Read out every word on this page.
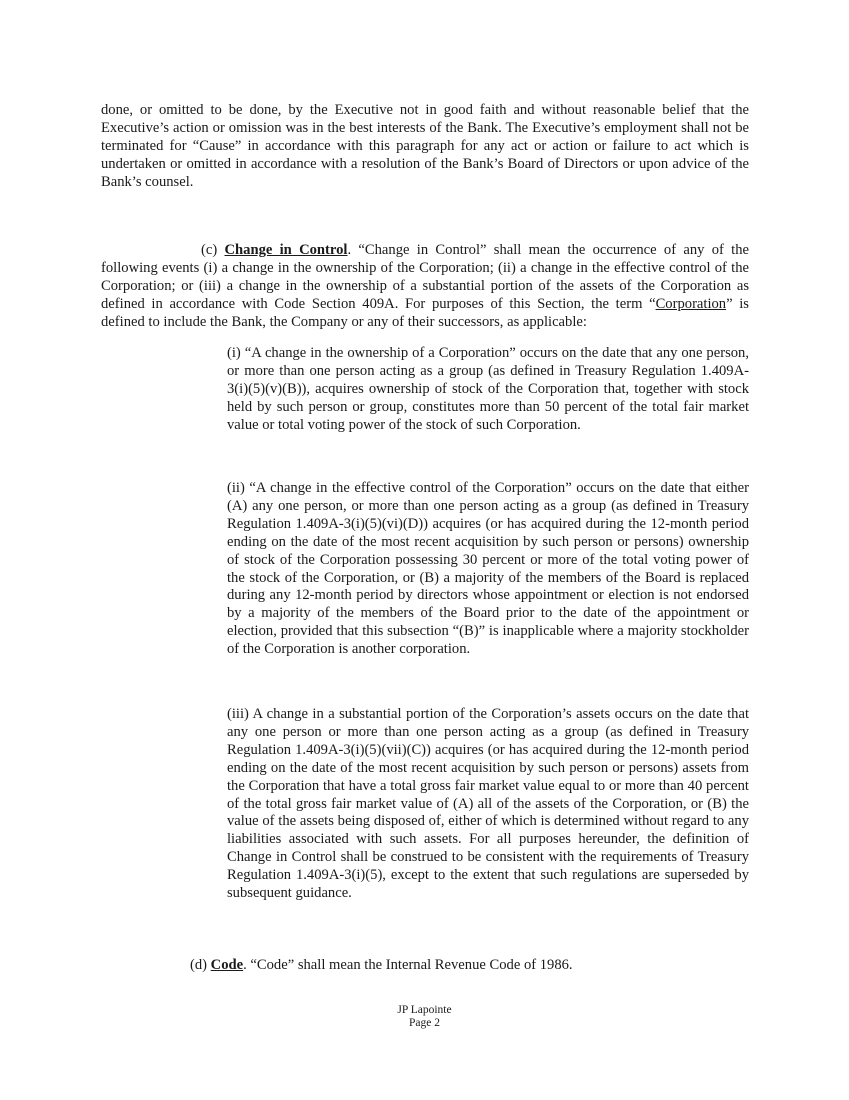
done, or omitted to be done, by the Executive not in good faith and without reasonable belief that the Executive’s action or omission was in the best interests of the Bank. The Executive’s employment shall not be terminated for “Cause” in accordance with this paragraph for any act or action or failure to act which is undertaken or omitted in accordance with a resolution of the Bank’s Board of Directors or upon advice of the Bank’s counsel.

(c) Change in Control. “Change in Control” shall mean the occurrence of any of the following events (i) a change in the ownership of the Corporation; (ii) a change in the effective control of the Corporation; or (iii) a change in the ownership of a substantial portion of the assets of the Corporation as defined in accordance with Code Section 409A. For purposes of this Section, the term “Corporation” is defined to include the Bank, the Company or any of their successors, as applicable:

(i) “A change in the ownership of a Corporation” occurs on the date that any one person, or more than one person acting as a group (as defined in Treasury Regulation 1.409A-3(i)(5)(v)(B)), acquires ownership of stock of the Corporation that, together with stock held by such person or group, constitutes more than 50 percent of the total fair market value or total voting power of the stock of such Corporation.

(ii) “A change in the effective control of the Corporation” occurs on the date that either (A) any one person, or more than one person acting as a group (as defined in Treasury Regulation 1.409A-3(i)(5)(vi)(D)) acquires (or has acquired during the 12-month period ending on the date of the most recent acquisition by such person or persons) ownership of stock of the Corporation possessing 30 percent or more of the total voting power of the stock of the Corporation, or (B) a majority of the members of the Board is replaced during any 12-month period by directors whose appointment or election is not endorsed by a majority of the members of the Board prior to the date of the appointment or election, provided that this subsection “(B)” is inapplicable where a majority stockholder of the Corporation is another corporation.

(iii) A change in a substantial portion of the Corporation’s assets occurs on the date that any one person or more than one person acting as a group (as defined in Treasury Regulation 1.409A-3(i)(5)(vii)(C)) acquires (or has acquired during the 12-month period ending on the date of the most recent acquisition by such person or persons) assets from the Corporation that have a total gross fair market value equal to or more than 40 percent of the total gross fair market value of (A) all of the assets of the Corporation, or (B) the value of the assets being disposed of, either of which is determined without regard to any liabilities associated with such assets. For all purposes hereunder, the definition of Change in Control shall be construed to be consistent with the requirements of Treasury Regulation 1.409A-3(i)(5), except to the extent that such regulations are superseded by subsequent guidance.

(d) Code. “Code” shall mean the Internal Revenue Code of 1986.

JP Lapointe
Page 2
